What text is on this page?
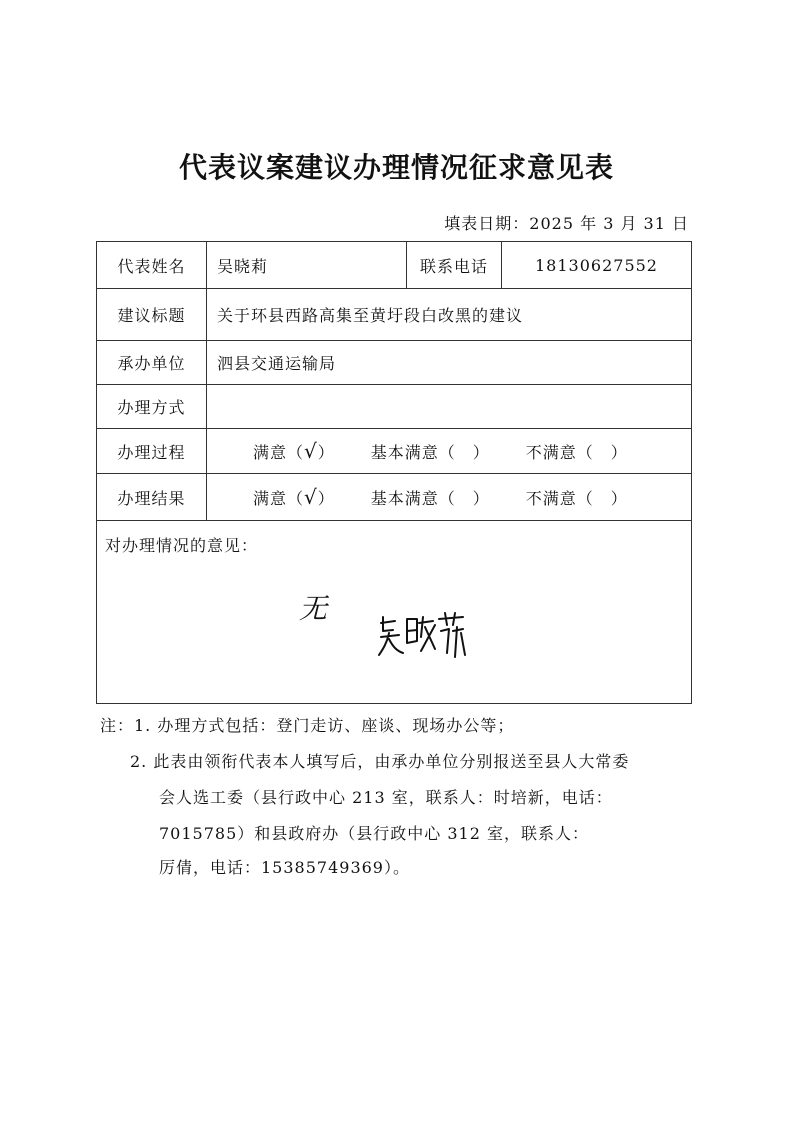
代表议案建议办理情况征求意见表
填表日期：2025 年 3 月 31 日
代表姓名	吴晓莉	联系电话	18130627552
建议标题	关于环县西路高集至黄圩段白改黑的建议		
承办单位	泗县交通运输局		
办理方式			
办理过程	满意（√） 基本满意（　） 不满意（　）		
办理结果	满意（√） 基本满意（　） 不满意（　）		

对办理情况的意见：
无			
注：1. 办理方式包括：登门走访、座谈、现场办公等；
2. 此表由领衔代表本人填写后，由承办单位分别报送至县人大常委
会人选工委（县行政中心 213 室，联系人：时培新，电话：
7015785）和县政府办（县行政中心 312 室，联系人：
厉倩，电话：15385749369）。
